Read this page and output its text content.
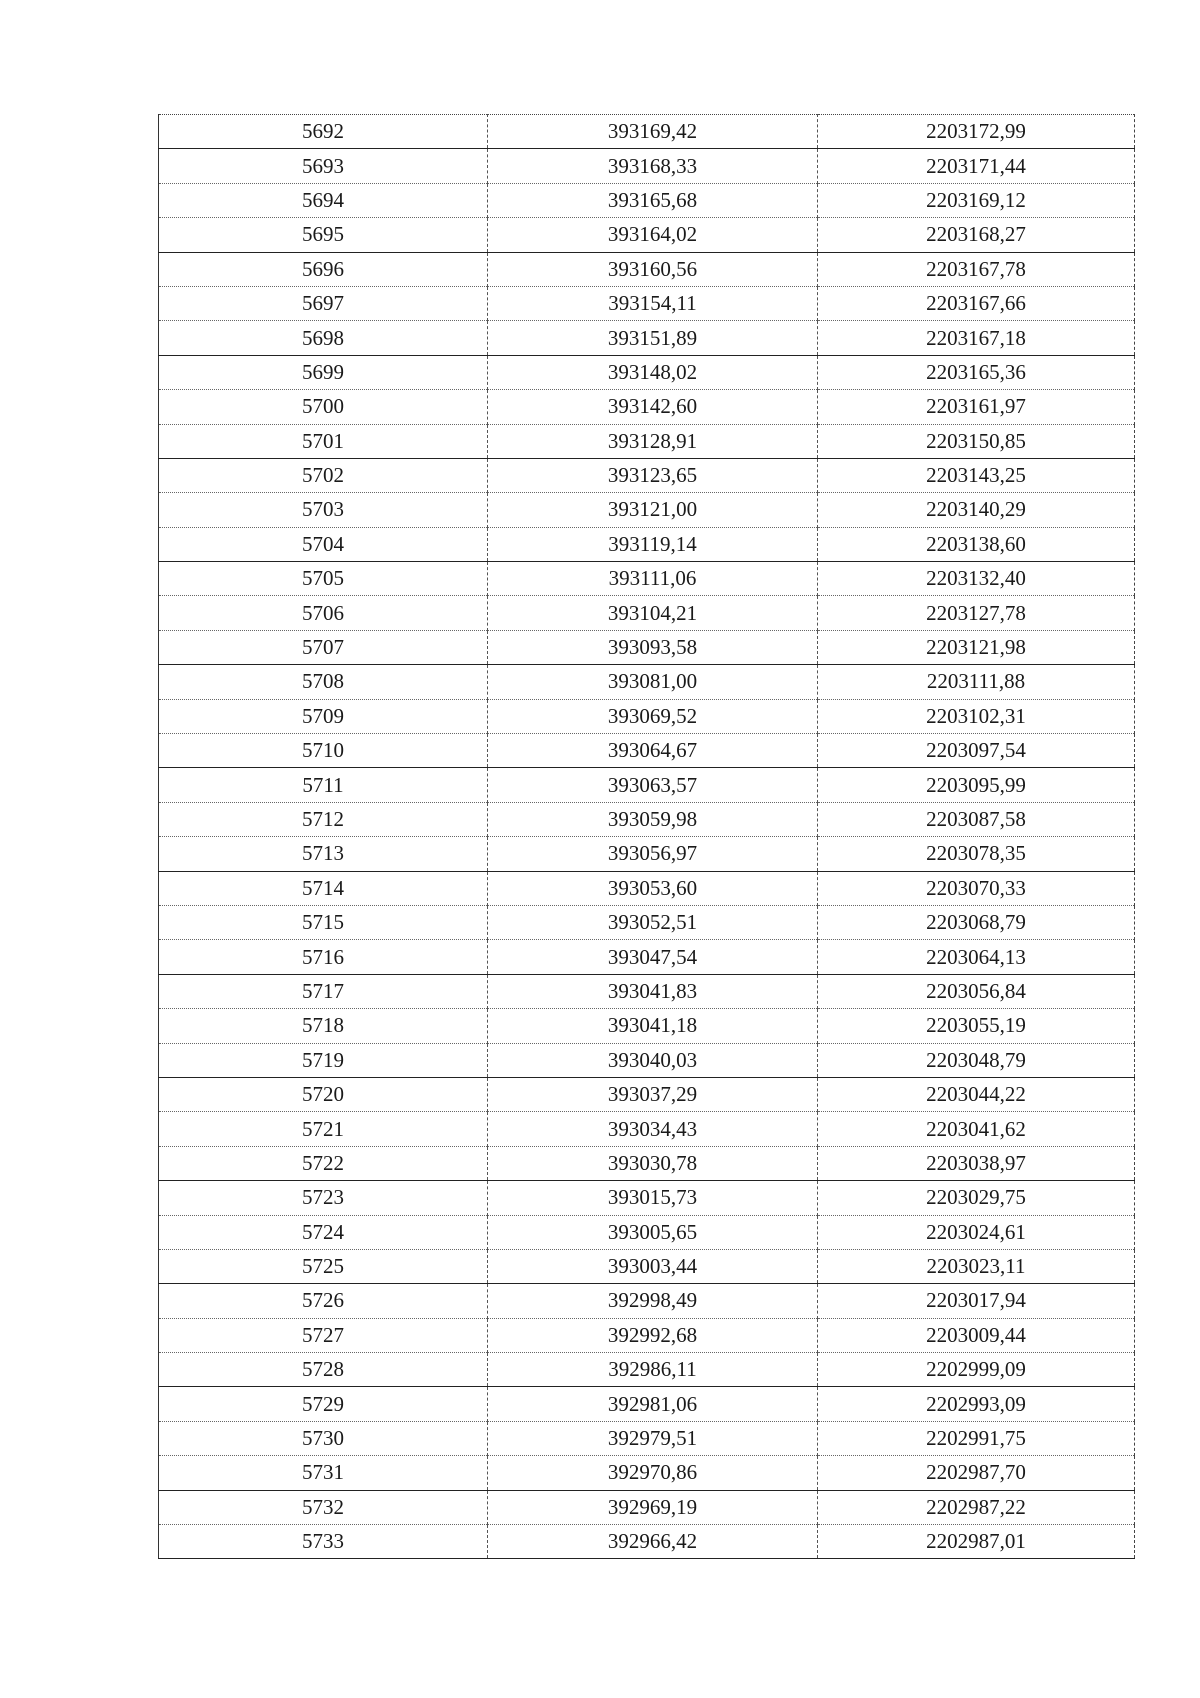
5692	393169,42	2203172,99
5693	393168,33	2203171,44
5694	393165,68	2203169,12
5695	393164,02	2203168,27
5696	393160,56	2203167,78
5697	393154,11	2203167,66
5698	393151,89	2203167,18
5699	393148,02	2203165,36
5700	393142,60	2203161,97
5701	393128,91	2203150,85
5702	393123,65	2203143,25
5703	393121,00	2203140,29
5704	393119,14	2203138,60
5705	393111,06	2203132,40
5706	393104,21	2203127,78
5707	393093,58	2203121,98
5708	393081,00	2203111,88
5709	393069,52	2203102,31
5710	393064,67	2203097,54
5711	393063,57	2203095,99
5712	393059,98	2203087,58
5713	393056,97	2203078,35
5714	393053,60	2203070,33
5715	393052,51	2203068,79
5716	393047,54	2203064,13
5717	393041,83	2203056,84
5718	393041,18	2203055,19
5719	393040,03	2203048,79
5720	393037,29	2203044,22
5721	393034,43	2203041,62
5722	393030,78	2203038,97
5723	393015,73	2203029,75
5724	393005,65	2203024,61
5725	393003,44	2203023,11
5726	392998,49	2203017,94
5727	392992,68	2203009,44
5728	392986,11	2202999,09
5729	392981,06	2202993,09
5730	392979,51	2202991,75
5731	392970,86	2202987,70
5732	392969,19	2202987,22
5733	392966,42	2202987,01
